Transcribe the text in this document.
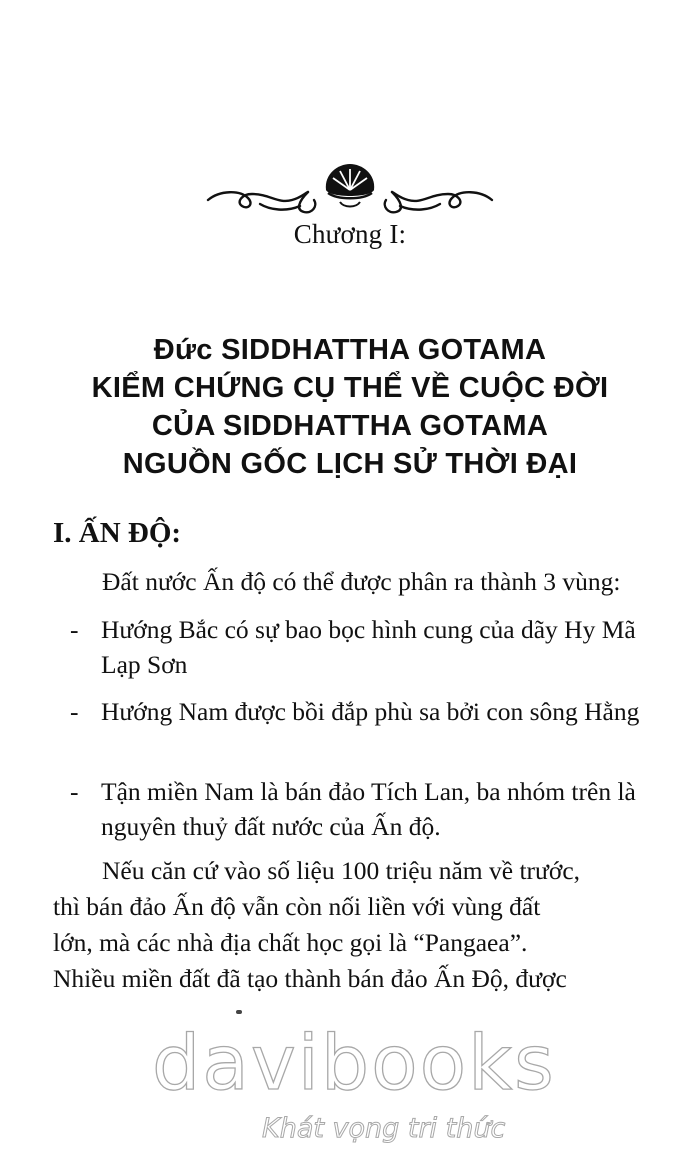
Chương I:
Đức SIDDHATTHA GOTAMA
KIỂM CHỨNG CỤ THỂ VỀ CUỘC ĐỜI
CỦA SIDDHATTHA GOTAMA
NGUỒN GỐC LỊCH SỬ THỜI ĐẠI
I. ẤN ĐỘ:
Đất nước Ấn độ có thể được phân ra thành 3 vùng:
- Hướng Bắc có sự bao bọc hình cung của dãy Hy Mã Lạp Sơn
- Hướng Nam được bồi đắp phù sa bởi con sông Hằng
- Tận miền Nam là bán đảo Tích Lan, ba nhóm trên là nguyên thuỷ đất nước của Ấn độ.
Nếu căn cứ vào số liệu 100 triệu năm về trước,
thì bán đảo Ấn độ vẫn còn nối liền với vùng đất
lớn, mà các nhà địa chất học gọi là “Pangaea”.
Nhiều miền đất đã tạo thành bán đảo Ấn Độ, được
davibooks
Khát vọng tri thức
